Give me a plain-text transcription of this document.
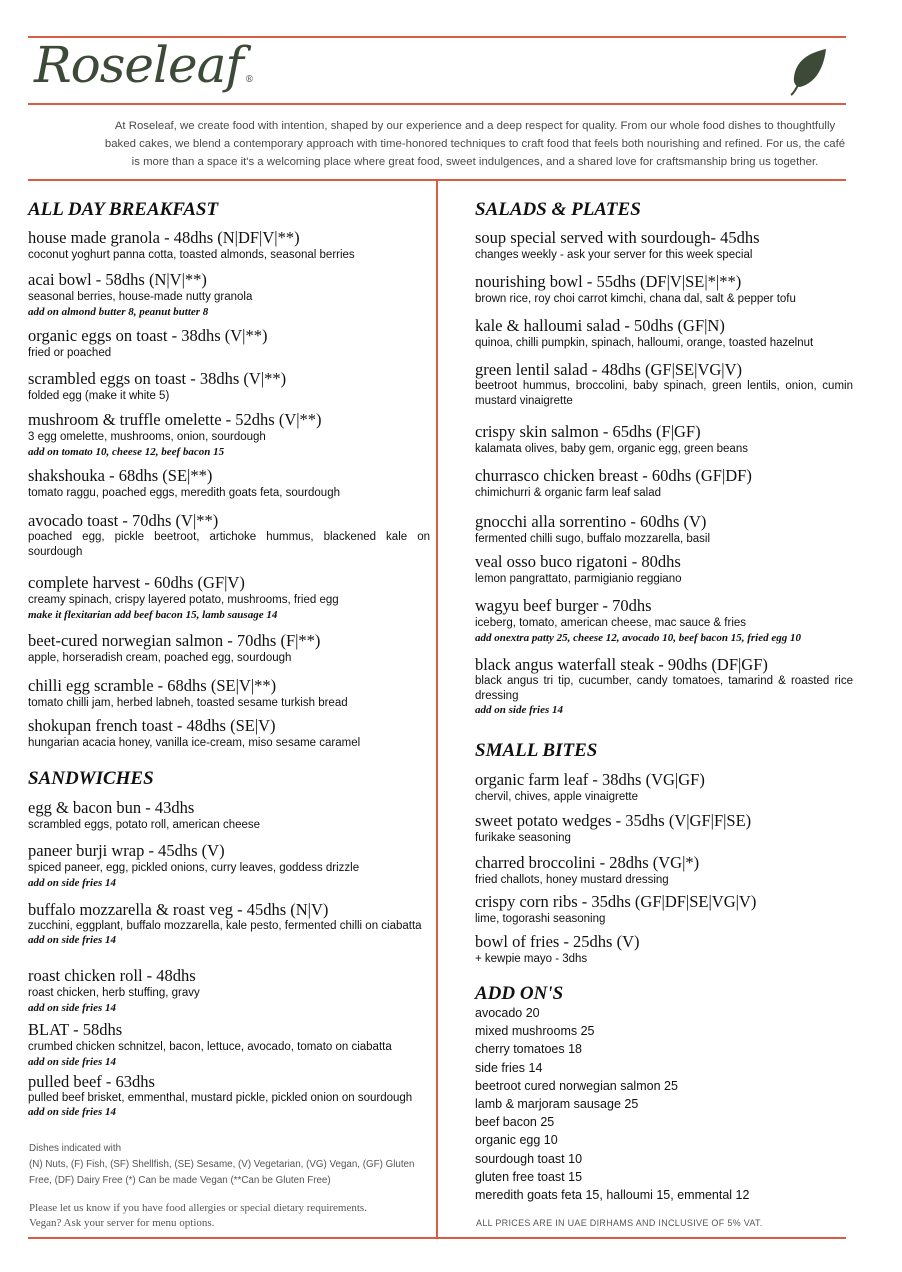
Roseleaf ®
At Roseleaf, we create food with intention, shaped by our experience and a deep respect for quality. From our whole food dishes to thoughtfully baked cakes, we blend a contemporary approach with time-honored techniques to craft food that feels both nourishing and refined. For us, the café is more than a space it's a welcoming place where great food, sweet indulgences, and a shared love for craftsmanship bring us together.
ALL DAY BREAKFAST
house made granola - 48dhs (N|DF|V|**)
coconut yoghurt panna cotta, toasted almonds, seasonal berries
acai bowl - 58dhs (N|V|**)
seasonal berries, house-made nutty granola
add on almond butter 8, peanut butter 8
organic eggs on toast - 38dhs (V|**)
fried or poached
scrambled eggs on toast - 38dhs (V|**)
folded egg (make it white 5)
mushroom & truffle omelette - 52dhs (V|**)
3 egg omelette, mushrooms, onion, sourdough
add on tomato 10, cheese 12, beef bacon 15
shakshouka - 68dhs (SE|**)
tomato raggu, poached eggs, meredith goats feta, sourdough
avocado toast - 70dhs (V|**)
poached egg, pickle beetroot, artichoke hummus, blackened kale on sourdough
complete harvest - 60dhs (GF|V)
creamy spinach, crispy layered potato, mushrooms, fried egg
make it flexitarian add beef bacon 15, lamb sausage 14
beet-cured norwegian salmon - 70dhs (F|**)
apple, horseradish cream, poached egg, sourdough
chilli egg scramble - 68dhs (SE|V|**)
tomato chilli jam, herbed labneh, toasted sesame turkish bread
shokupan french toast - 48dhs (SE|V)
hungarian acacia honey, vanilla ice-cream, miso sesame caramel
SANDWICHES
egg & bacon bun - 43dhs
scrambled eggs, potato roll, american cheese
paneer burji wrap - 45dhs (V)
spiced paneer, egg, pickled onions, curry leaves, goddess drizzle
add on side fries 14
buffalo mozzarella & roast veg - 45dhs (N|V)
zucchini, eggplant, buffalo mozzarella, kale pesto, fermented chilli on ciabatta
add on side fries 14
roast chicken roll - 48dhs
roast chicken, herb stuffing, gravy
add on side fries 14
BLAT - 58dhs
crumbed chicken schnitzel, bacon, lettuce, avocado, tomato on ciabatta
add on side fries 14
pulled beef - 63dhs
pulled beef brisket, emmenthal, mustard pickle, pickled onion on sourdough
add on side fries 14
SALADS & PLATES
soup special served with sourdough- 45dhs
changes weekly - ask your server for this week special
nourishing bowl - 55dhs (DF|V|SE|*|**)
brown rice, roy choi carrot kimchi, chana dal, salt & pepper tofu
kale & halloumi salad - 50dhs (GF|N)
quinoa, chilli pumpkin, spinach, halloumi, orange, toasted hazelnut
green lentil salad - 48dhs (GF|SE|VG|V)
beetroot hummus, broccolini, baby spinach, green lentils, onion, cumin mustard vinaigrette
crispy skin salmon - 65dhs (F|GF)
kalamata olives, baby gem, organic egg, green beans
churrasco chicken breast - 60dhs (GF|DF)
chimichurri & organic farm leaf salad
gnocchi alla sorrentino - 60dhs (V)
fermented chilli sugo, buffalo mozzarella, basil
veal osso buco rigatoni - 80dhs
lemon pangrattato, parmigianio reggiano
wagyu beef burger - 70dhs
iceberg, tomato, american cheese, mac sauce & fries
add onextra patty 25, cheese 12, avocado 10, beef bacon 15, fried egg 10
black angus waterfall steak - 90dhs (DF|GF)
black angus tri tip, cucumber, candy tomatoes, tamarind & roasted rice dressing
add on side fries 14
SMALL BITES
organic farm leaf - 38dhs (VG|GF)
chervil, chives, apple vinaigrette
sweet potato wedges - 35dhs (V|GF|F|SE)
furikake seasoning
charred broccolini - 28dhs (VG|*)
fried challots, honey mustard dressing
crispy corn ribs - 35dhs (GF|DF|SE|VG|V)
lime, togorashi seasoning
bowl of fries - 25dhs (V)
+ kewpie mayo - 3dhs
ADD ON'S
avocado 20
mixed mushrooms 25
cherry tomatoes 18
side fries 14
beetroot cured norwegian salmon 25
lamb & marjoram sausage 25
beef bacon 25
organic egg 10
sourdough toast 10
gluten free toast 15
meredith goats feta 15, halloumi 15, emmental 12
Dishes indicated with
(N) Nuts, (F) Fish, (SF) Shellfish, (SE) Sesame, (V) Vegetarian, (VG) Vegan, (GF) Gluten
Free, (DF) Dairy Free (*) Can be made Vegan (**Can be Gluten Free)
Please let us know if you have food allergies or special dietary requirements.
Vegan? Ask your server for menu options.	ALL PRICES ARE IN UAE DIRHAMS AND INCLUSIVE OF 5% VAT.
